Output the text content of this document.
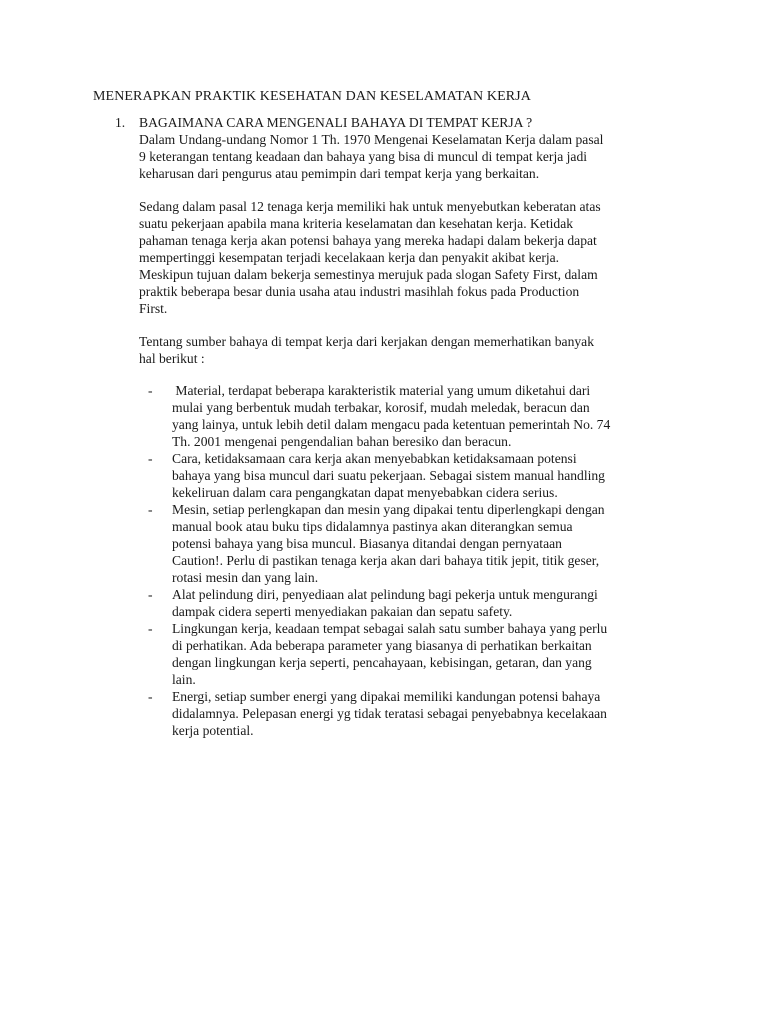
MENERAPKAN PRAKTIK KESEHATAN DAN KESELAMATAN KERJA
1. BAGAIMANA CARA MENGENALI BAHAYA DI TEMPAT KERJA ?
Dalam Undang-undang Nomor 1 Th. 1970 Mengenai Keselamatan Kerja dalam pasal
9 keterangan tentang keadaan dan bahaya yang bisa di muncul di tempat kerja jadi
keharusan dari pengurus atau pemimpin dari tempat kerja yang berkaitan.
Sedang dalam pasal 12 tenaga kerja memiliki hak untuk menyebutkan keberatan atas
suatu pekerjaan apabila mana kriteria keselamatan dan kesehatan kerja. Ketidak
pahaman tenaga kerja akan potensi bahaya yang mereka hadapi dalam bekerja dapat
mempertinggi kesempatan terjadi kecelakaan kerja dan penyakit akibat kerja.
Meskipun tujuan dalam bekerja semestinya merujuk pada slogan Safety First, dalam
praktik beberapa besar dunia usaha atau industri masihlah fokus pada Production
First.
Tentang sumber bahaya di tempat kerja dari kerjakan dengan memerhatikan banyak
hal berikut :
- Material, terdapat beberapa karakteristik material yang umum diketahui dari
mulai yang berbentuk mudah terbakar, korosif, mudah meledak, beracun dan
yang lainya, untuk lebih detil dalam mengacu pada ketentuan pemerintah No. 74
Th. 2001 mengenai pengendalian bahan beresiko dan beracun.
- Cara, ketidaksamaan cara kerja akan menyebabkan ketidaksamaan potensi
bahaya yang bisa muncul dari suatu pekerjaan. Sebagai sistem manual handling
kekeliruan dalam cara pengangkatan dapat menyebabkan cidera serius.
- Mesin, setiap perlengkapan dan mesin yang dipakai tentu diperlengkapi dengan
manual book atau buku tips didalamnya pastinya akan diterangkan semua
potensi bahaya yang bisa muncul. Biasanya ditandai dengan pernyataan
Caution!. Perlu di pastikan tenaga kerja akan dari bahaya titik jepit, titik geser,
rotasi mesin dan yang lain.
- Alat pelindung diri, penyediaan alat pelindung bagi pekerja untuk mengurangi
dampak cidera seperti menyediakan pakaian dan sepatu safety.
- Lingkungan kerja, keadaan tempat sebagai salah satu sumber bahaya yang perlu
di perhatikan. Ada beberapa parameter yang biasanya di perhatikan berkaitan
dengan lingkungan kerja seperti, pencahayaan, kebisingan, getaran, dan yang
lain.
- Energi, setiap sumber energi yang dipakai memiliki kandungan potensi bahaya
didalamnya. Pelepasan energi yg tidak teratasi sebagai penyebabnya kecelakaan
kerja potential.
